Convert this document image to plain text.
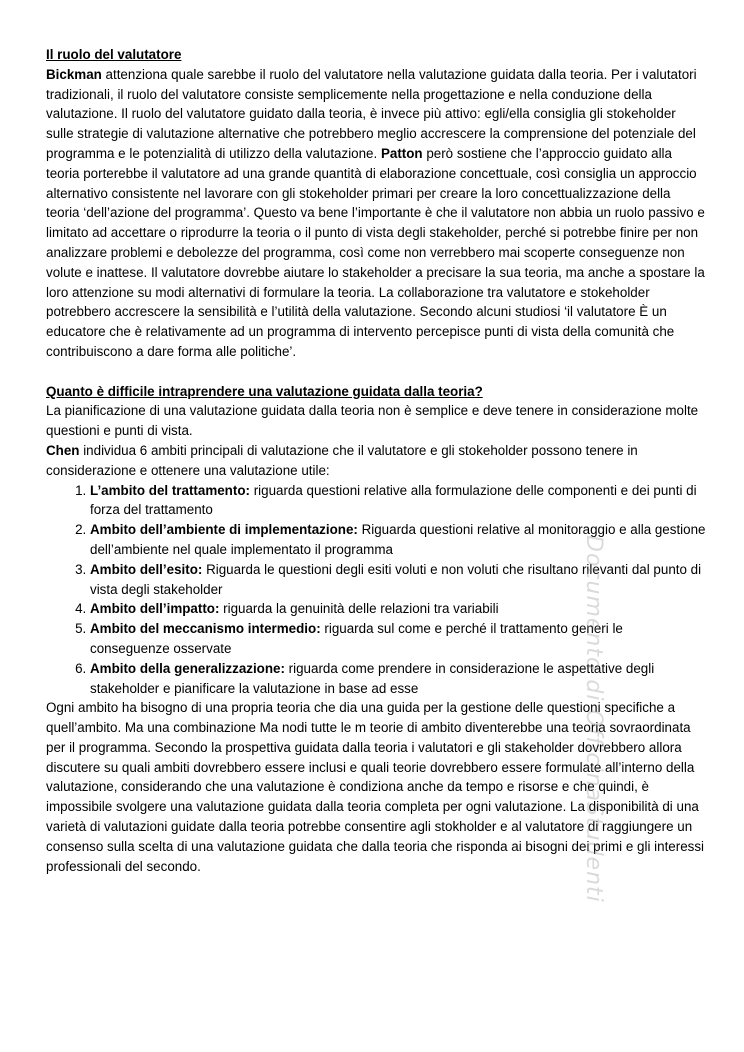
Il ruolo del valutatore

Bickman attenziona quale sarebbe il ruolo del valutatore nella valutazione guidata dalla teoria. Per i valutatori tradizionali, il ruolo del valutatore consiste semplicemente nella progettazione e nella conduzione della valutazione. Il ruolo del valutatore guidato dalla teoria, è invece più attivo: egli/ella consiglia gli stokeholder sulle strategie di valutazione alternative che potrebbero meglio accrescere la comprensione del potenziale del programma e le potenzialità di utilizzo della valutazione. Patton però sostiene che l’approccio guidato alla teoria porterebbe il valutatore ad una grande quantità di elaborazione concettuale, così consiglia un approccio alternativo consistente nel lavorare con gli stokeholder primari per creare la loro concettualizzazione della teoria ‘dell’azione del programma’. Questo va bene l’importante è che il valutatore non abbia un ruolo passivo e limitato ad accettare o riprodurre la teoria o il punto di vista degli stakeholder, perché si potrebbe finire per non analizzare problemi e debolezze del programma, così come non verrebbero mai scoperte conseguenze non volute e inattese. Il valutatore dovrebbe aiutare lo stakeholder a precisare la sua teoria, ma anche a spostare la loro attenzione su modi alternativi di formulare la teoria. La collaborazione tra valutatore e stokeholder potrebbero accrescere la sensibilità e l’utilità della valutazione. Secondo alcuni studiosi ‘il valutatore È un educatore che è relativamente ad un programma di intervento percepisce punti di vista della comunità che contribuiscono a dare forma alle politiche’.

Quanto è difficile intraprendere una valutazione guidata dalla teoria?

La pianificazione di una valutazione guidata dalla teoria non è semplice e deve tenere in considerazione molte questioni e punti di vista.

Chen individua 6 ambiti principali di valutazione che il valutatore e gli stokeholder possono tenere in considerazione e ottenere una valutazione utile:

1. L’ambito del trattamento: riguarda questioni relative alla formulazione delle componenti e dei punti di forza del trattamento
2. Ambito dell’ambiente di implementazione: Riguarda questioni relative al monitoraggio e alla gestione dell’ambiente nel quale implementato il programma
3. Ambito dell’esito: Riguarda le questioni degli esiti voluti e non voluti che risultano rilevanti dal punto di vista degli stakeholder
4. Ambito dell’impatto: riguarda la genuinità delle relazioni tra variabili
5. Ambito del meccanismo intermedio: riguarda sul come e perché il trattamento generi le conseguenze osservate
6. Ambito della generalizzazione: riguarda come prendere in considerazione le aspettative degli stakeholder e pianificare la valutazione in base ad esse

Ogni ambito ha bisogno di una propria teoria che dia una guida per la gestione delle questioni specifiche a quell’ambito. Ma una combinazione Ma nodi tutte le m teorie di ambito diventerebbe una teoria sovraordinata per il programma. Secondo la prospettiva guidata dalla teoria i valutatori e gli stakeholder dovrebbero allora discutere su quali ambiti dovrebbero essere inclusi e quali teorie dovrebbero essere formulate all’interno della valutazione, considerando che una valutazione è condiziona anche da tempo e risorse e che quindi, è impossibile svolgere una valutazione guidata dalla teoria completa per ogni valutazione. La disponibilità di una varietà di valutazioni guidate dalla teoria potrebbe consentire agli stokholder e al valutatore di raggiungere un consenso sulla scelta di una valutazione guidata che dalla teoria che risponda ai bisogni dei primi e gli interessi professionali del secondo.	Documento di OfficinaStudenti
